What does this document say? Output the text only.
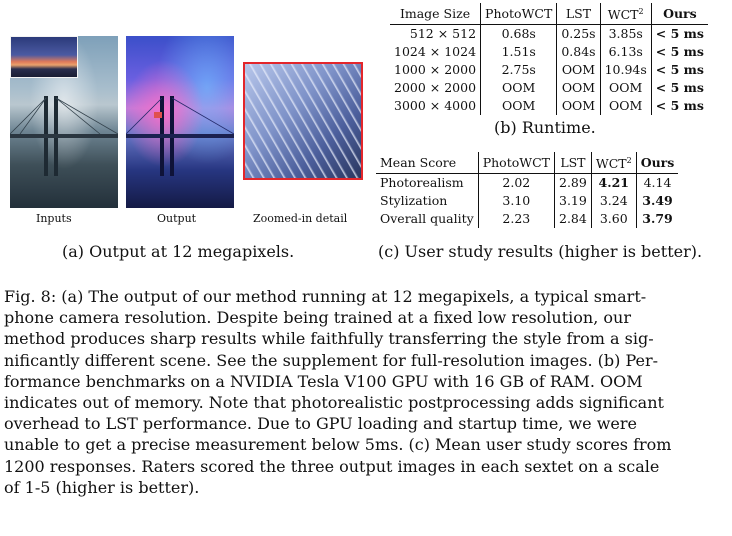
Inputs	Output	Zoomed-in detail
(a) Output at 12 megapixels.
Image Size	PhotoWCT	LST	WCT$^2$	Ours
512 × 512	0.68s	0.25s	3.85s	< 5 ms
1024 × 1024	1.51s	0.84s	6.13s	< 5 ms
1000 × 2000	2.75s	OOM	10.94s	< 5 ms
2000 × 2000	OOM	OOM	OOM	< 5 ms
3000 × 4000	OOM	OOM	OOM	< 5 ms
(b) Runtime.
Mean Score	PhotoWCT	LST	WCT$^2$	Ours
Photorealism	2.02	2.89	4.21	4.14
Stylization	3.10	3.19	3.24	3.49
Overall quality	2.23	2.84	3.60	3.79
(c) User study results (higher is better).
Fig. 8: (a) The output of our method running at 12 megapixels, a typical smart-
phone camera resolution. Despite being trained at a fixed low resolution, our
method produces sharp results while faithfully transferring the style from a sig-
nificantly different scene. See the supplement for full-resolution images. (b) Per-
formance benchmarks on a NVIDIA Tesla V100 GPU with 16 GB of RAM. OOM
indicates out of memory. Note that photorealistic postprocessing adds significant
overhead to LST performance. Due to GPU loading and startup time, we were
unable to get a precise measurement below 5ms. (c) Mean user study scores from
1200 responses. Raters scored the three output images in each sextet on a scale
of 1-5 (higher is better).
